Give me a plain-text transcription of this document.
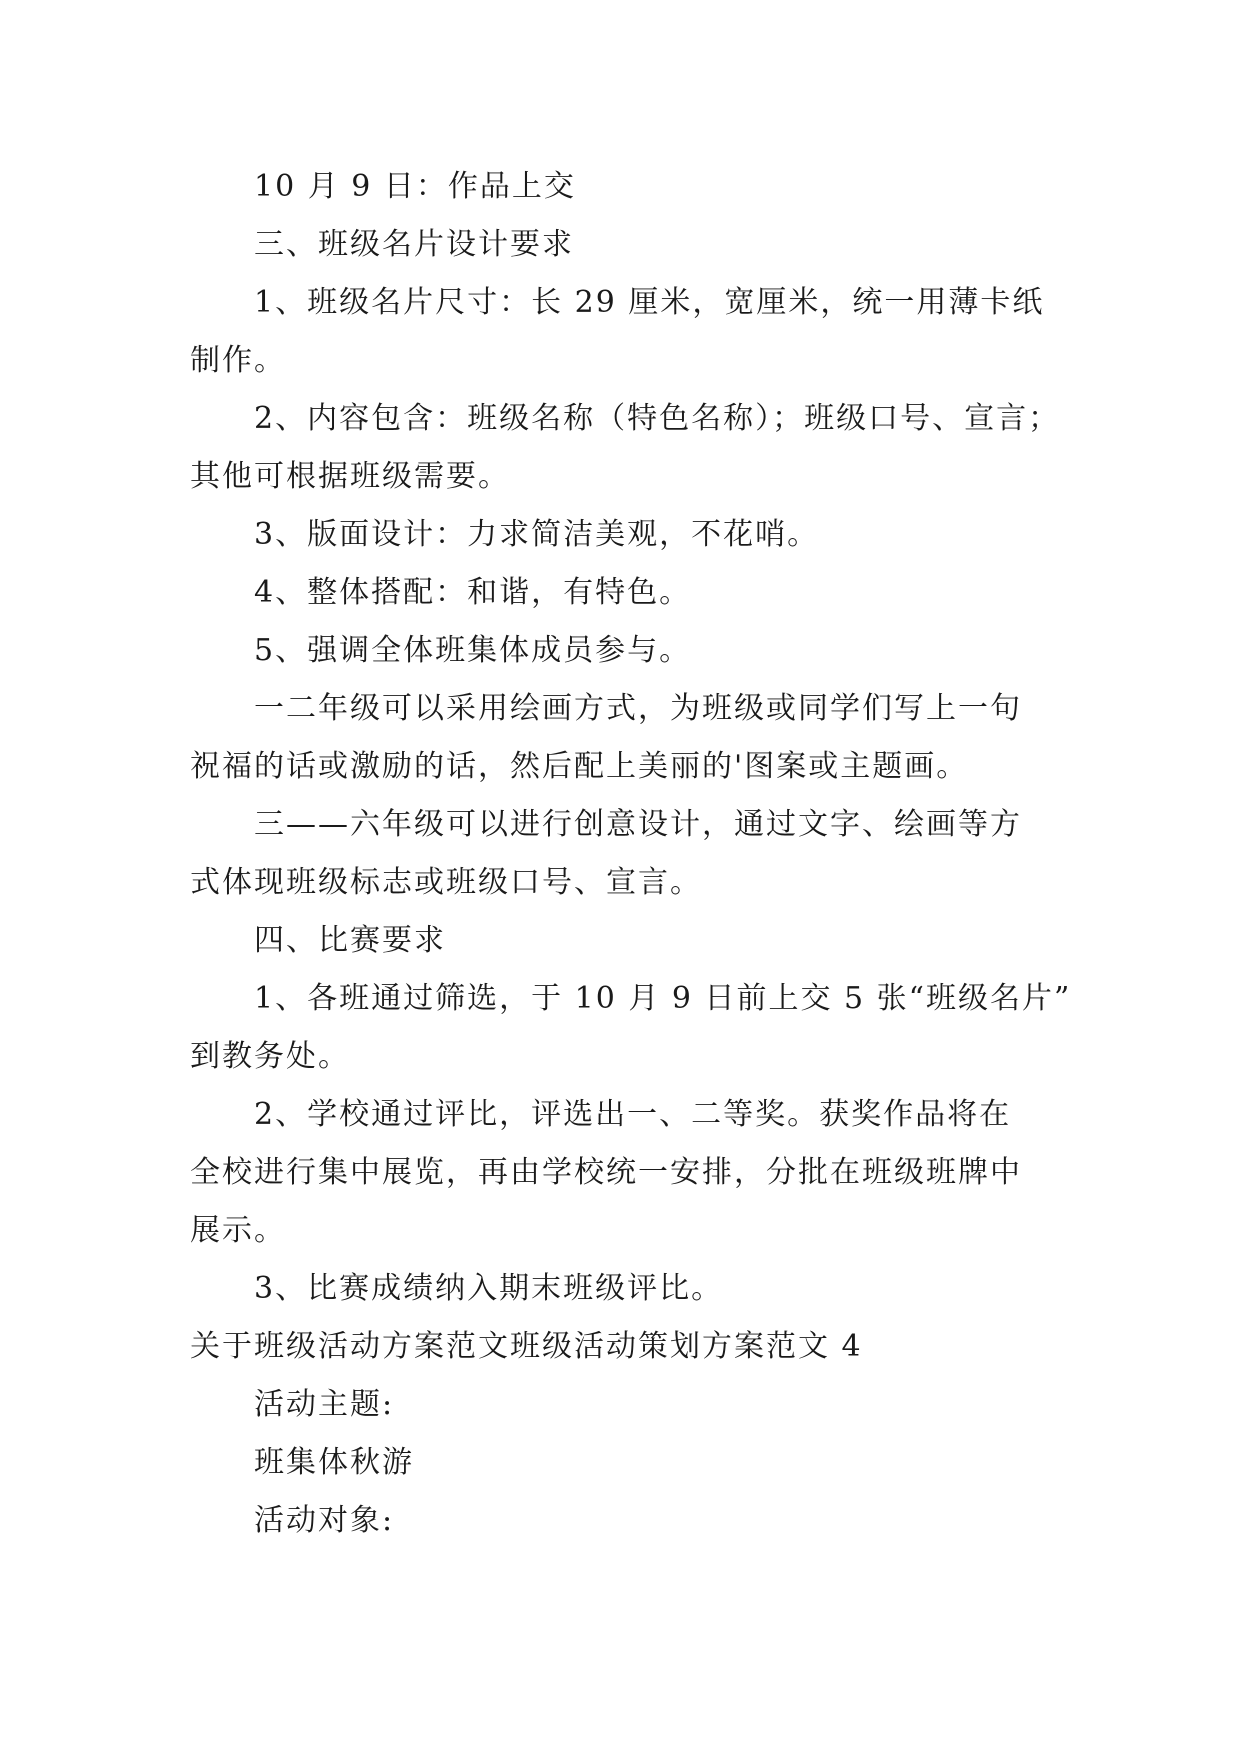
10 月 9 日：作品上交

三、班级名片设计要求

1、班级名片尺寸：长 29 厘米，宽厘米，统一用薄卡纸

制作。

2、内容包含：班级名称（特色名称）；班级口号、宣言；

其他可根据班级需要。

3、版面设计：力求简洁美观，不花哨。

4、整体搭配：和谐，有特色。

5、强调全体班集体成员参与。

一二年级可以采用绘画方式，为班级或同学们写上一句

祝福的话或激励的话，然后配上美丽的'图案或主题画。

三——六年级可以进行创意设计，通过文字、绘画等方

式体现班级标志或班级口号、宣言。

四、比赛要求

1、各班通过筛选，于 10 月 9 日前上交 5 张“班级名片”

到教务处。

2、学校通过评比，评选出一、二等奖。获奖作品将在

全校进行集中展览，再由学校统一安排，分批在班级班牌中

展示。

3、比赛成绩纳入期末班级评比。

关于班级活动方案范文班级活动策划方案范文 4

活动主题:

班集体秋游

活动对象:
